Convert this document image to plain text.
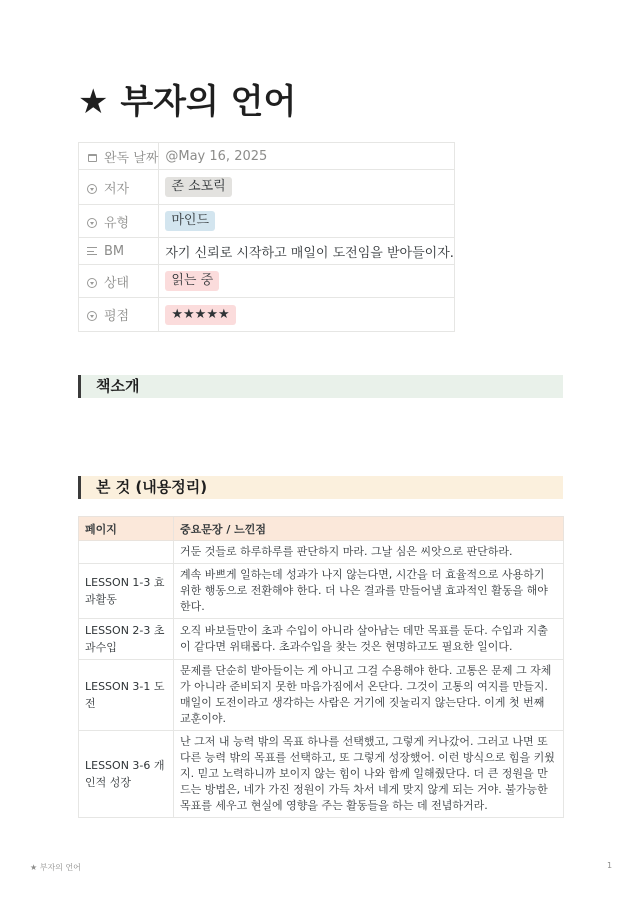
★ 부자의 언어
완독 날짜	@May 16, 2025
저자	존 소포릭
유형	마인드
BM	자기 신뢰로 시작하고 매일이 도전임을 받아들이자.
상태	읽는 중
평점	★★★★★
책소개
본 것 (내용정리)
페이지	중요문장 / 느낀점
	거둔 것들로 하루하루를 판단하지 마라. 그날 심은 씨앗으로 판단하라.
LESSON 1-3 효과활동	계속 바쁘게 일하는데 성과가 나지 않는다면, 시간을 더 효율적으로 사용하기 위한 행동으로 전환해야 한다. 더 나은 결과를 만들어낼 효과적인 활동을 해야 한다.
LESSON 2-3 초과수입	오직 바보들만이 초과 수입이 아니라 살아남는 데만 목표를 둔다. 수입과 지출이 같다면 위태롭다. 초과수입을 찾는 것은 현명하고도 필요한 일이다.
LESSON 3-1 도전	문제를 단순히 받아들이는 게 아니고 그걸 수용해야 한다. 고통은 문제 그 자체가 아니라 준비되지 못한 마음가짐에서 온단다. 그것이 고통의 여지를 만들지. 매일이 도전이라고 생각하는 사람은 거기에 짓눌리지 않는단다. 이게 첫 번째 교훈이야.
LESSON 3-6 개인적 성장	난 그저 내 능력 밖의 목표 하나를 선택했고, 그렇게 커나갔어. 그러고 나면 또 다른 능력 밖의 목표를 선택하고, 또 그렇게 성장했어. 이런 방식으로 힘을 키웠지. 믿고 노력하니까 보이지 않는 힘이 나와 함께 일해줬단다. 더 큰 정원을 만드는 방법은, 네가 가진 정원이 가득 차서 네게 맞지 않게 되는 거야. 불가능한 목표를 세우고 현실에 영향을 주는 활동들을 하는 데 전념하거라.
★ 부자의 언어	1
